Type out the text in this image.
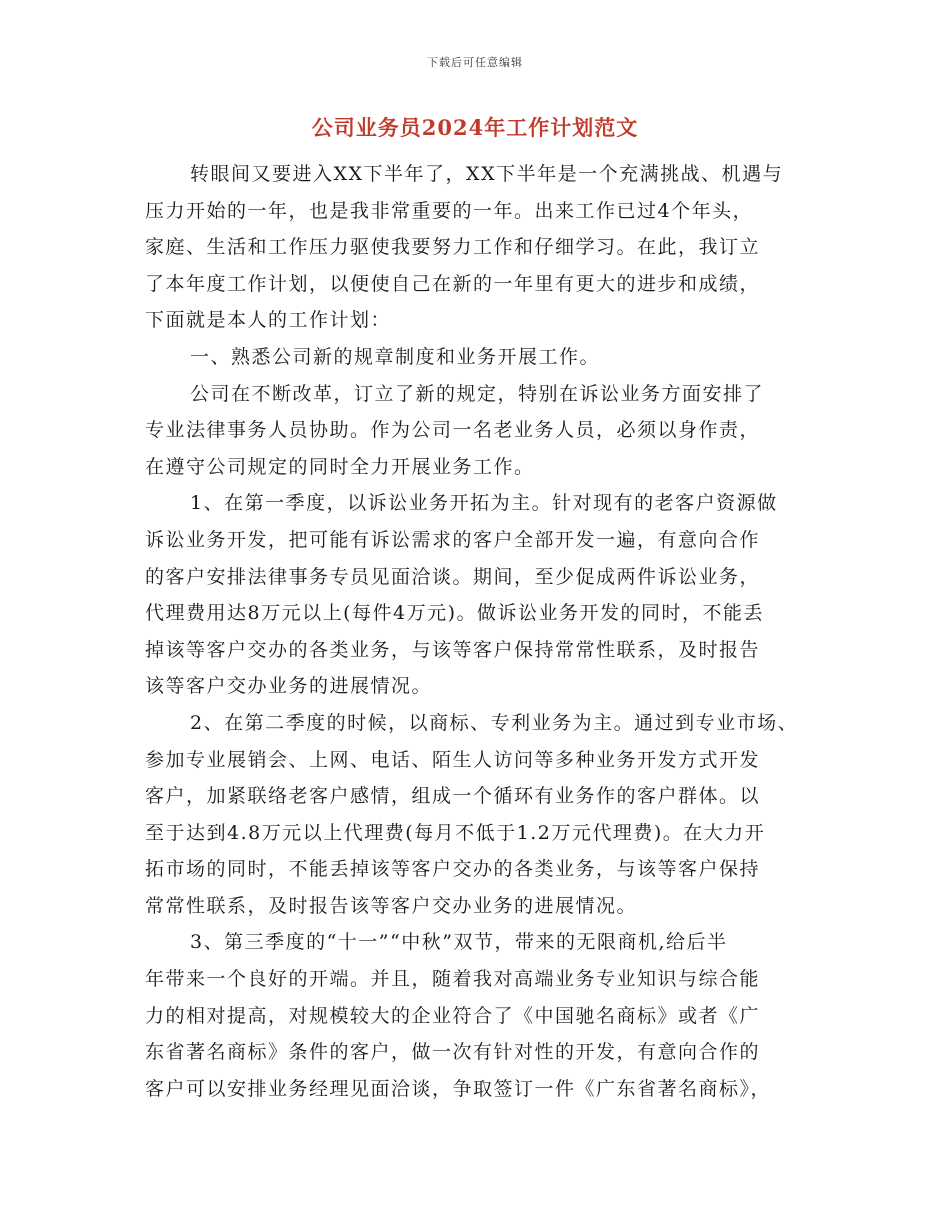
下载后可任意编辑
公司业务员2024年工作计划范文
转眼间又要进入XX下半年了，XX下半年是一个充满挑战、机遇与
压力开始的一年，也是我非常重要的一年。出来工作已过4个年头，
家庭、生活和工作压力驱使我要努力工作和仔细学习。在此，我订立
了本年度工作计划，以便使自己在新的一年里有更大的进步和成绩，
下面就是本人的工作计划：
一、熟悉公司新的规章制度和业务开展工作。
公司在不断改革，订立了新的规定，特别在诉讼业务方面安排了
专业法律事务人员协助。作为公司一名老业务人员，必须以身作责，
在遵守公司规定的同时全力开展业务工作。
1、在第一季度，以诉讼业务开拓为主。针对现有的老客户资源做
诉讼业务开发，把可能有诉讼需求的客户全部开发一遍，有意向合作
的客户安排法律事务专员见面洽谈。期间，至少促成两件诉讼业务，
代理费用达8万元以上(每件4万元)。做诉讼业务开发的同时，不能丢
掉该等客户交办的各类业务，与该等客户保持常常性联系，及时报告
该等客户交办业务的进展情况。
2、在第二季度的时候，以商标、专利业务为主。通过到专业市场、
参加专业展销会、上网、电话、陌生人访问等多种业务开发方式开发
客户，加紧联络老客户感情，组成一个循环有业务作的客户群体。以
至于达到4.8万元以上代理费(每月不低于1.2万元代理费)。在大力开
拓市场的同时，不能丢掉该等客户交办的各类业务，与该等客户保持
常常性联系，及时报告该等客户交办业务的进展情况。
3、第三季度的“十一”“中秋”双节，带来的无限商机,给后半
年带来一个良好的开端。并且，随着我对高端业务专业知识与综合能
力的相对提高，对规模较大的企业符合了《中国驰名商标》或者《广
东省著名商标》条件的客户，做一次有针对性的开发，有意向合作的
客户可以安排业务经理见面洽谈，争取签订一件《广东省著名商标》，
